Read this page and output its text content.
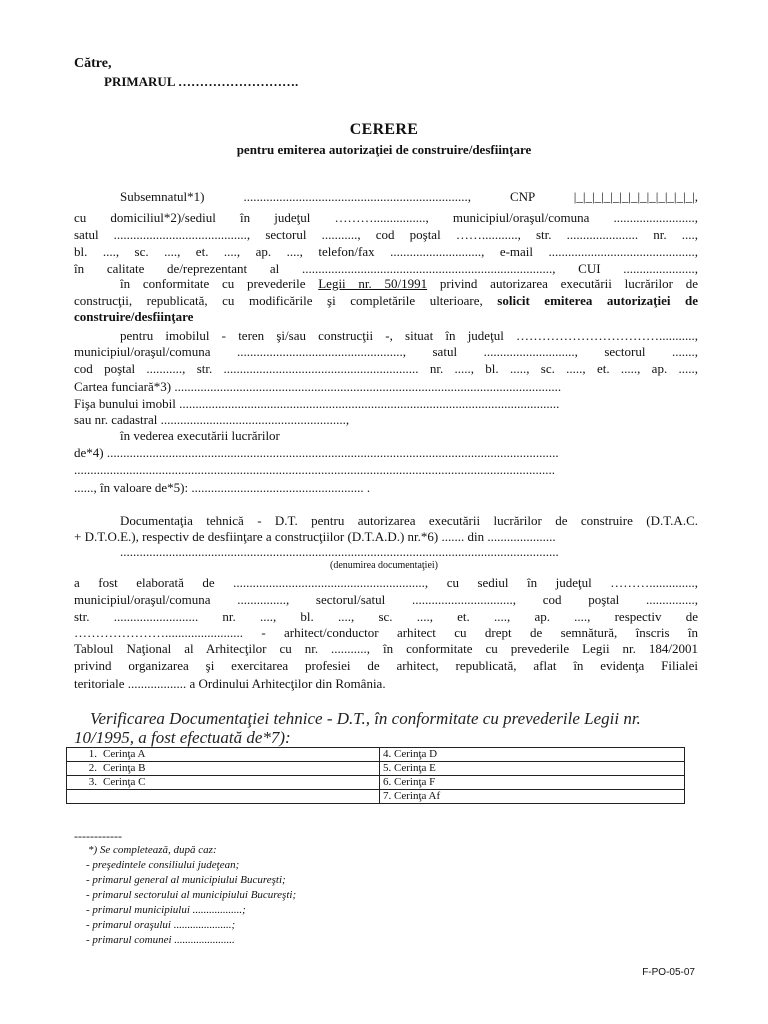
Către,
PRIMARUL ……………………….
CERERE
pentru emiterea autorizaţiei de construire/desfiinţare
Subsemnatul*1) ....................................................................., CNP |_|_|_|_|_|_|_|_|_|_|_|_|_|,
cu domiciliul*2)/sediul în judeţul ………................, municipiul/oraşul/comuna .........................,
satul ........................................., sectorul ..........., cod poştal ……..........., str. ...................... nr. ....,
bl. ...., sc. ...., et. ...., ap. ...., telefon/fax ............................, e-mail .............................................,
în calitate de/reprezentant al ............................................................................., CUI ......................,
în conformitate cu prevederile Legii nr. 50/1991 privind autorizarea executării lucrărilor de
construcţii, republicată, cu modificările şi completările ulterioare, solicit emiterea autorizaţiei de
construire/desfiinţare
pentru imobilul - teren şi/sau construcţii -, situat în judeţul ……………………………...........,
municipiul/oraşul/comuna ..................................................., satul ............................, sectorul .......,
cod poştal ..........., str. ............................................................ nr. ....., bl. ....., sc. ....., et. ....., ap. .....,
Cartea funciară*3) .......................................................................................................................
Fişa bunului imobil .....................................................................................................................
sau nr. cadastral .........................................................,
în vederea executării lucrărilor
de*4) ...........................................................................................................................................
....................................................................................................................................................
......, în valoare de*5): ..................................................... .
Documentaţia tehnică - D.T. pentru autorizarea executării lucrărilor de construire (D.T.A.C.
+ D.T.O.E.), respectiv de desfiinţare a construcţiilor (D.T.A.D.) nr.*6) ....... din .....................
.......................................................................................................................................
(denumirea documentaţiei)
a fost elaborată de ..........................................................., cu sediul în judeţul ………..............,
municipiul/oraşul/comuna ..............., sectorul/satul ..............................., cod poştal ...............,
str. .......................... nr. ...., bl. ...., sc. ...., et. ...., ap. ...., respectiv de
…………………........................ - arhitect/conductor arhitect cu drept de semnătură, înscris în
Tabloul Naţional al Arhitecţilor cu nr. ..........., în conformitate cu prevederile Legii nr. 184/2001
privind organizarea şi exercitarea profesiei de arhitect, republicată, aflat în evidenţa Filialei
teritoriale .................. a Ordinului Arhitecţilor din România.
Verificarea Documentaţiei tehnice - D.T., în conformitate cu prevederile Legii nr.
10/1995, a fost efectuată de*7):
1. Cerinţa A	4. Cerinţa D
2. Cerinţa B	5. Cerinţa E
3. Cerinţa C	6. Cerinţa F
	7. Cerinţa Af
------------
*) Se completează, după caz:
- preşedintele consiliului judeţean;
- primarul general al municipiului Bucureşti;
- primarul sectorului al municipiului Bucureşti;
- primarul municipiului ..................;
- primarul oraşului .....................;
- primarul comunei ......................
F-PO-05-07
